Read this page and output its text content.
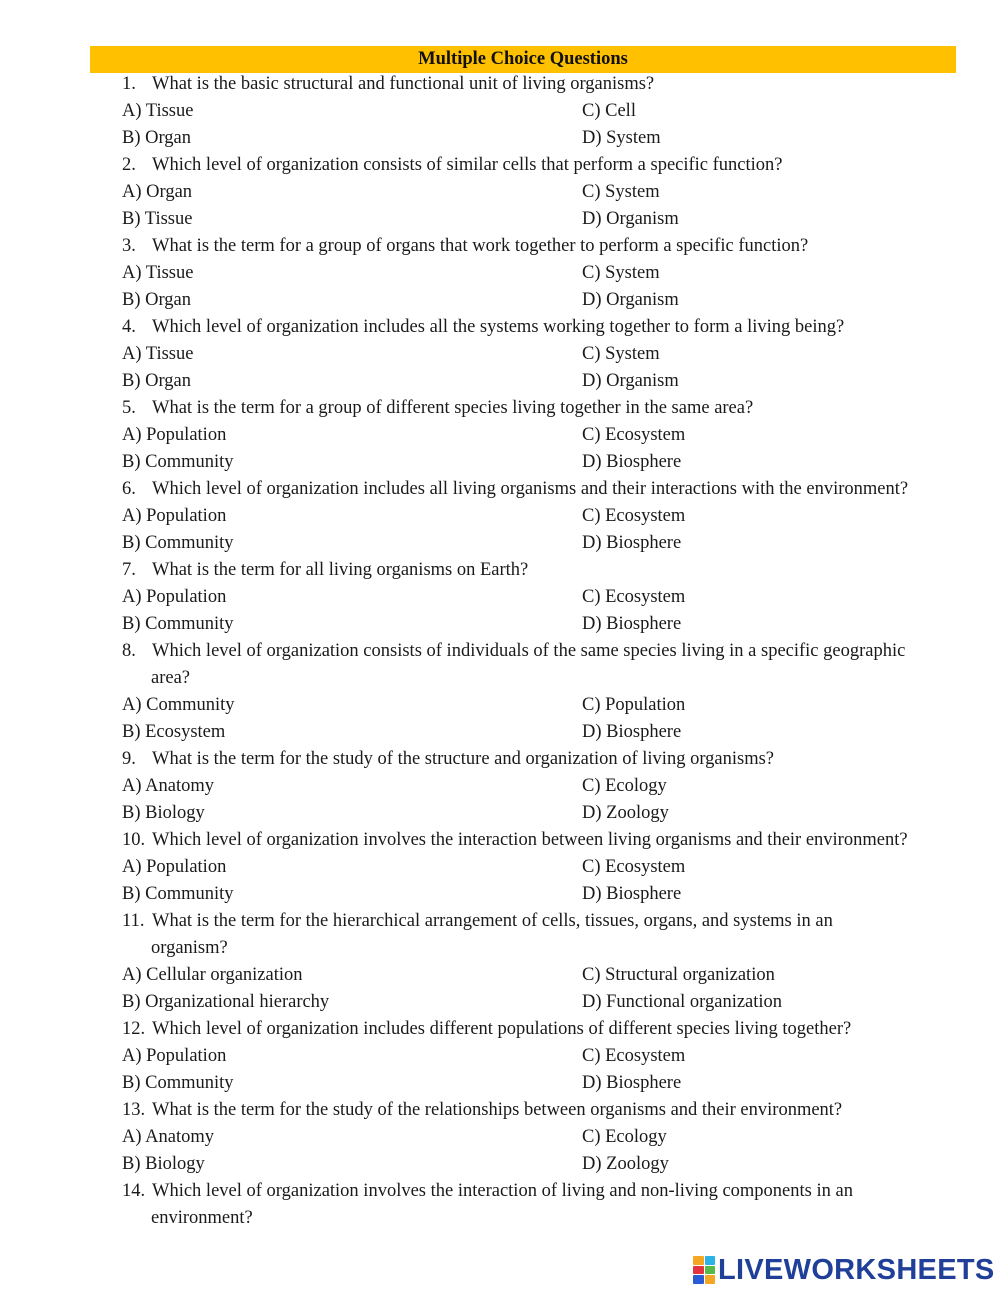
Multiple Choice Questions
1. What is the basic structural and functional unit of living organisms?
A) Tissue	C) Cell
B) Organ	D) System
2. Which level of organization consists of similar cells that perform a specific function?
A) Organ	C) System
B) Tissue	D) Organism
3. What is the term for a group of organs that work together to perform a specific function?
A) Tissue	C) System
B) Organ	D) Organism
4. Which level of organization includes all the systems working together to form a living being?
A) Tissue	C) System
B) Organ	D) Organism
5. What is the term for a group of different species living together in the same area?
A) Population	C) Ecosystem
B) Community	D) Biosphere
6. Which level of organization includes all living organisms and their interactions with the environment?
A) Population	C) Ecosystem
B) Community	D) Biosphere
7. What is the term for all living organisms on Earth?
A) Population	C) Ecosystem
B) Community	D) Biosphere
8. Which level of organization consists of individuals of the same species living in a specific geographic
area?
A) Community	C) Population
B) Ecosystem	D) Biosphere
9. What is the term for the study of the structure and organization of living organisms?
A) Anatomy	C) Ecology
B) Biology	D) Zoology
10. Which level of organization involves the interaction between living organisms and their environment?
A) Population	C) Ecosystem
B) Community	D) Biosphere
11. What is the term for the hierarchical arrangement of cells, tissues, organs, and systems in an
organism?
A) Cellular organization	C) Structural organization
B) Organizational hierarchy	D) Functional organization
12. Which level of organization includes different populations of different species living together?
A) Population	C) Ecosystem
B) Community	D) Biosphere
13. What is the term for the study of the relationships between organisms and their environment?
A) Anatomy	C) Ecology
B) Biology	D) Zoology
14. Which level of organization involves the interaction of living and non-living components in an
environment?
LIVEWORKSHEETS
